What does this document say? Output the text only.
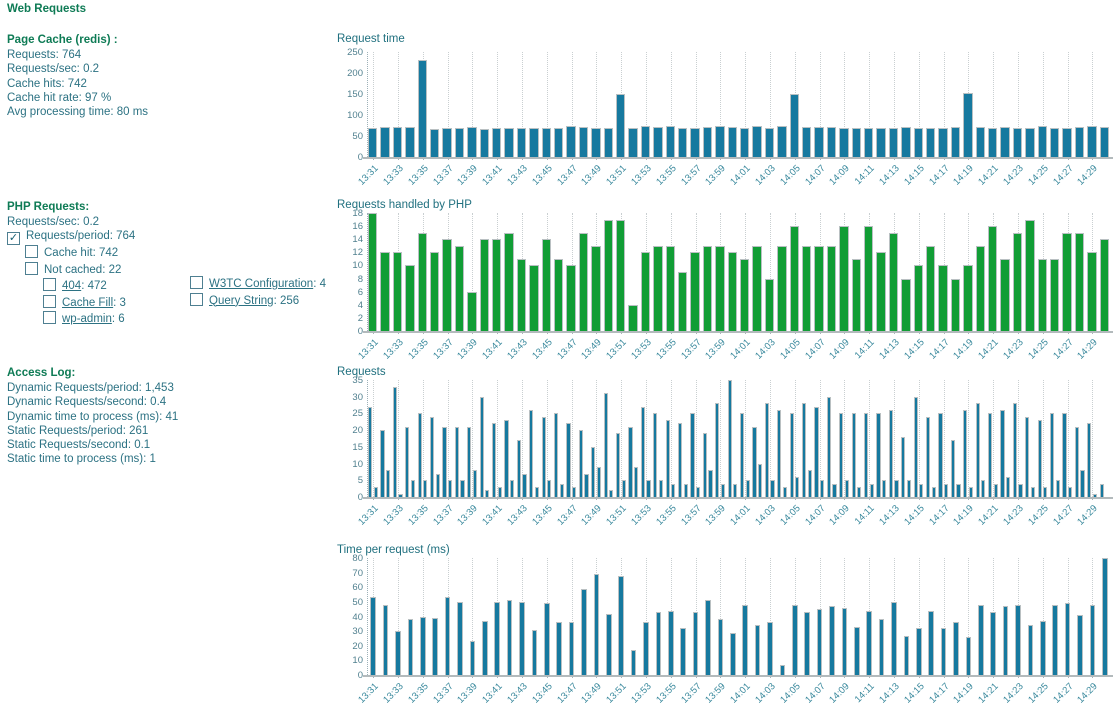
Web Requests
Page Cache (redis) :
Requests: 764
Requests/sec: 0.2
Cache hits: 742
Cache hit rate: 97 %
Avg processing time: 80 ms
PHP Requests:
Requests/sec: 0.2
✓ Requests/period: 764
Cache hit: 742
Not cached: 22
404: 472
Cache Fill: 3
wp-admin: 6
W3TC Configuration: 4
Query String: 256
Access Log:
Dynamic Requests/period: 1,453
Dynamic Requests/second: 0.4
Dynamic time to process (ms): 41
Static Requests/period: 261
Static Requests/second: 0.1
Static time to process (ms): 1
Request time
0
50
100
150
200
250
13:31 13:33 13:35 13:37 13:39 13:41 13:43 13:45 13:47 13:49 13:51 13:53 13:55 13:57 13:59 14:01 14:03 14:05 14:07 14:09 14:11 14:13 14:15 14:17 14:19 14:21 14:23 14:25 14:27 14:29
Requests handled by PHP
0
2
4
6
8
10
12
14
16
18
13:31 13:33 13:35 13:37 13:39 13:41 13:43 13:45 13:47 13:49 13:51 13:53 13:55 13:57 13:59 14:01 14:03 14:05 14:07 14:09 14:11 14:13 14:15 14:17 14:19 14:21 14:23 14:25 14:27 14:29
Requests
0
5
10
15
20
25
30
35
13:31 13:33 13:35 13:37 13:39 13:41 13:43 13:45 13:47 13:49 13:51 13:53 13:55 13:57 13:59 14:01 14:03 14:05 14:07 14:09 14:11 14:13 14:15 14:17 14:19 14:21 14:23 14:25 14:27 14:29
Time per request (ms)
0
10
20
30
40
50
60
70
80
13:31 13:33 13:35 13:37 13:39 13:41 13:43 13:45 13:47 13:49 13:51 13:53 13:55 13:57 13:59 14:01 14:03 14:05 14:07 14:09 14:11 14:13 14:15 14:17 14:19 14:21 14:23 14:25 14:27 14:29
